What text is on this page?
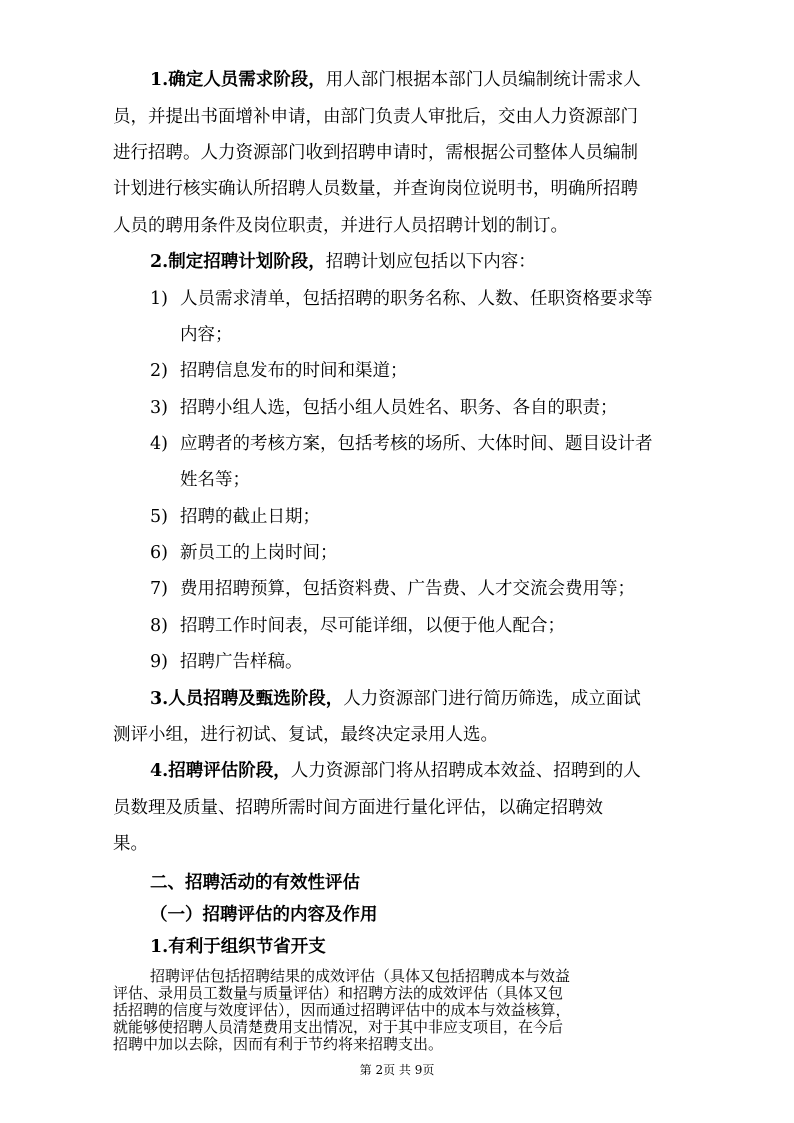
1.确定人员需求阶段，用人部门根据本部门人员编制统计需求人
员，并提出书面增补申请，由部门负责人审批后，交由人力资源部门
进行招聘。人力资源部门收到招聘申请时，需根据公司整体人员编制
计划进行核实确认所招聘人员数量，并查询岗位说明书，明确所招聘
人员的聘用条件及岗位职责，并进行人员招聘计划的制订。
2.制定招聘计划阶段，招聘计划应包括以下内容：
1) 人员需求清单，包括招聘的职务名称、人数、任职资格要求等
内容；
2) 招聘信息发布的时间和渠道；
3) 招聘小组人选，包括小组人员姓名、职务、各自的职责；
4) 应聘者的考核方案，包括考核的场所、大体时间、题目设计者
姓名等；
5) 招聘的截止日期；
6) 新员工的上岗时间；
7) 费用招聘预算，包括资料费、广告费、人才交流会费用等；
8) 招聘工作时间表，尽可能详细，以便于他人配合；
9) 招聘广告样稿。
3.人员招聘及甄选阶段，人力资源部门进行简历筛选，成立面试
测评小组，进行初试、复试，最终决定录用人选。
4.招聘评估阶段，人力资源部门将从招聘成本效益、招聘到的人
员数理及质量、招聘所需时间方面进行量化评估，以确定招聘效
果。
二、招聘活动的有效性评估
（一）招聘评估的内容及作用
1.有利于组织节省开支
第 2页 共 9页
招聘评估包括招聘结果的成效评估（具体又包括招聘成本与效益
评估、录用员工数量与质量评估）和招聘方法的成效评估（具体又包
括招聘的信度与效度评估），因而通过招聘评估中的成本与效益核算，
就能够使招聘人员清楚费用支出情况，对于其中非应支项目，在今后
招聘中加以去除，因而有利于节约将来招聘支出。
